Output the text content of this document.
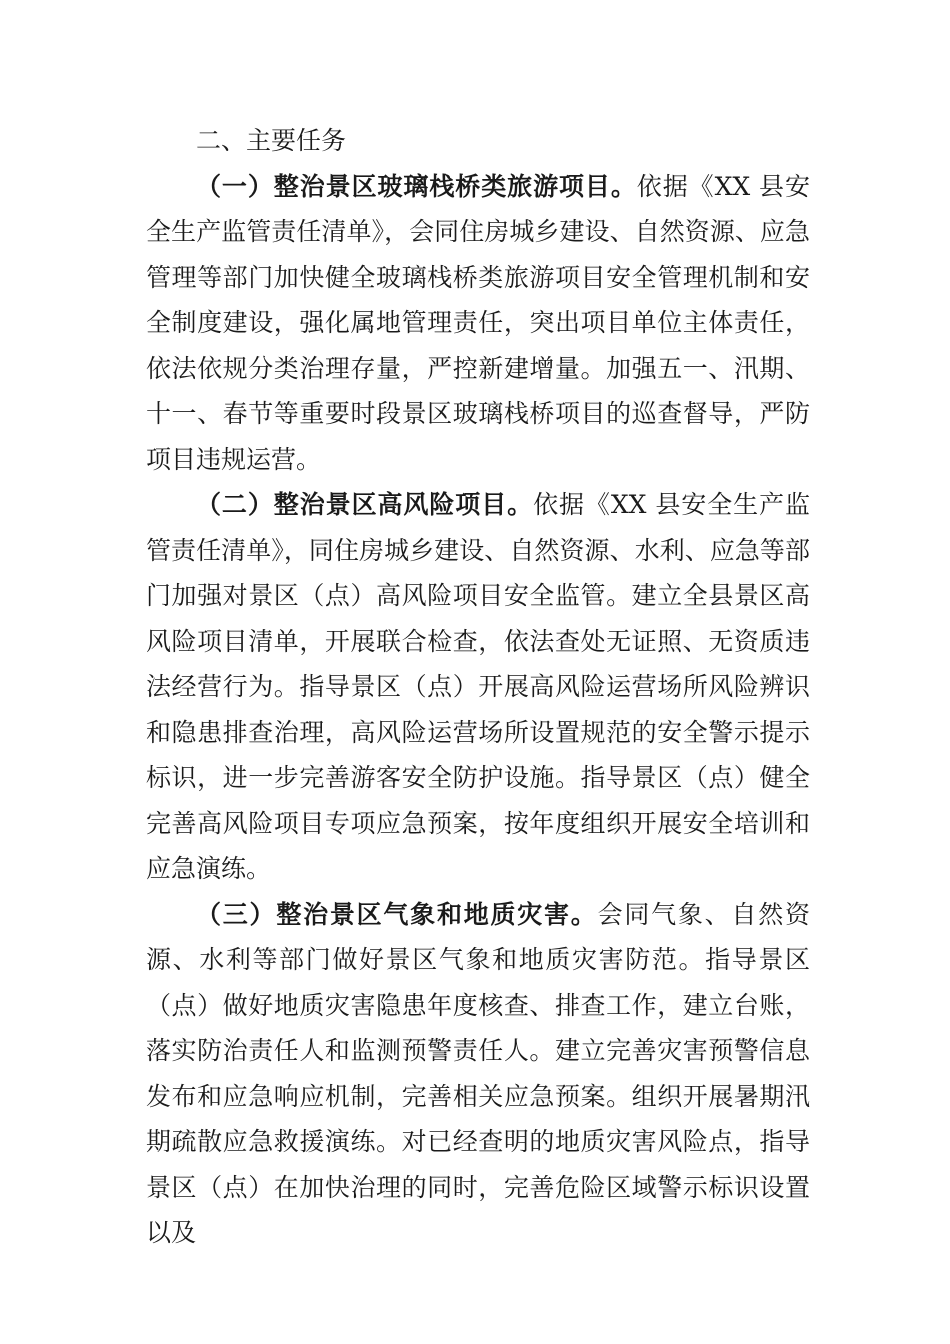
二、主要任务

（一）整治景区玻璃栈桥类旅游项目。依据《XX 县安全生产监管责任清单》，会同住房城乡建设、自然资源、应急管理等部门加快健全玻璃栈桥类旅游项目安全管理机制和安全制度建设，强化属地管理责任，突出项目单位主体责任，依法依规分类治理存量，严控新建增量。加强五一、汛期、十一、春节等重要时段景区玻璃栈桥项目的巡查督导，严防项目违规运营。

（二）整治景区高风险项目。依据《XX 县安全生产监管责任清单》，同住房城乡建设、自然资源、水利、应急等部门加强对景区（点）高风险项目安全监管。建立全县景区高风险项目清单，开展联合检查，依法查处无证照、无资质违法经营行为。指导景区（点）开展高风险运营场所风险辨识和隐患排查治理，高风险运营场所设置规范的安全警示提示标识，进一步完善游客安全防护设施。指导景区（点）健全完善高风险项目专项应急预案，按年度组织开展安全培训和应急演练。

（三）整治景区气象和地质灾害。会同气象、自然资源、水利等部门做好景区气象和地质灾害防范。指导景区（点）做好地质灾害隐患年度核查、排查工作，建立台账，落实防治责任人和监测预警责任人。建立完善灾害预警信息发布和应急响应机制，完善相关应急预案。组织开展暑期汛期疏散应急救援演练。对已经查明的地质灾害风险点，指导景区（点）在加快治理的同时，完善危险区域警示标识设置以及
